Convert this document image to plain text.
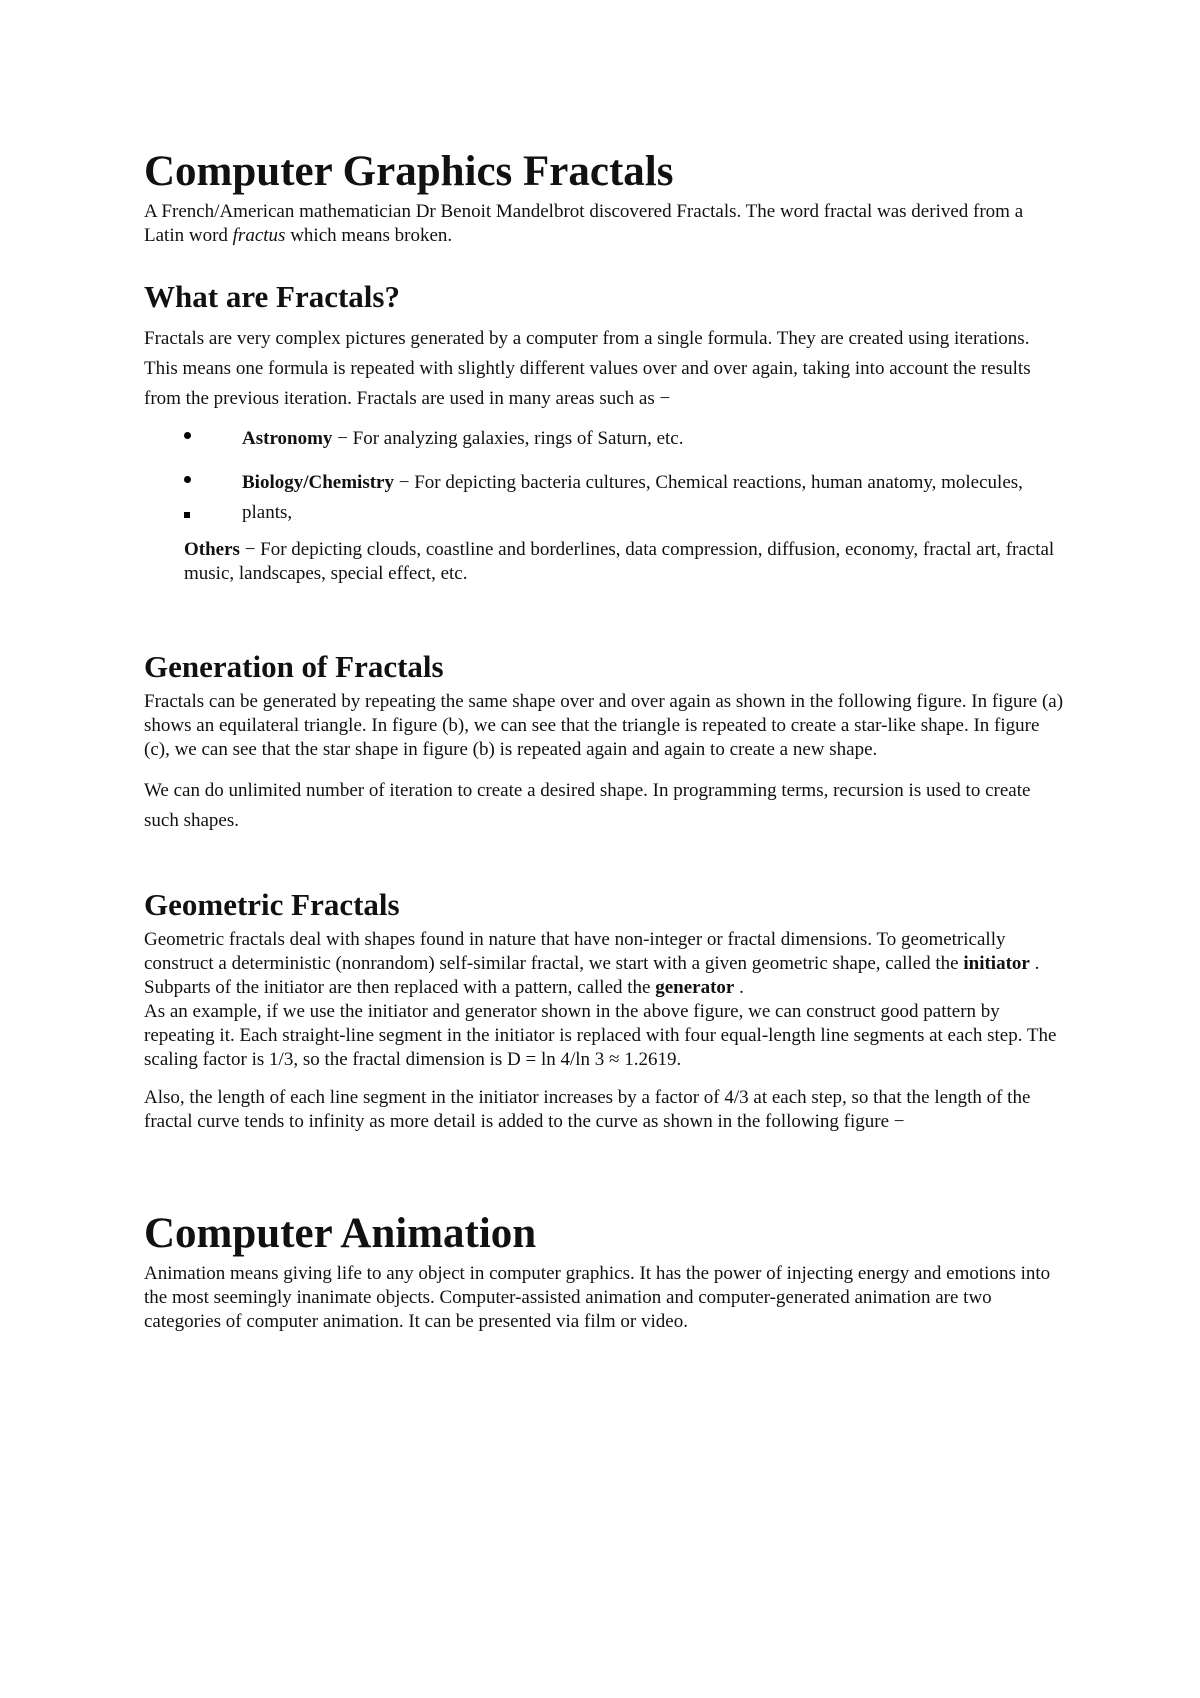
Computer Graphics Fractals

A French/American mathematician Dr Benoit Mandelbrot discovered Fractals. The word fractal was derived from a Latin word fractus which means broken.

What are Fractals?

Fractals are very complex pictures generated by a computer from a single formula. They are created using iterations. This means one formula is repeated with slightly different values over and over again, taking into account the results from the previous iteration. Fractals are used in many areas such as −

Astronomy − For analyzing galaxies, rings of Saturn, etc.
Biology/Chemistry − For depicting bacteria cultures, Chemical reactions, human anatomy, molecules, plants,

Others − For depicting clouds, coastline and borderlines, data compression, diffusion, economy, fractal art, fractal music, landscapes, special effect, etc.

Generation of Fractals

Fractals can be generated by repeating the same shape over and over again as shown in the following figure. In figure (a) shows an equilateral triangle. In figure (b), we can see that the triangle is repeated to create a star-like shape. In figure (c), we can see that the star shape in figure (b) is repeated again and again to create a new shape.

We can do unlimited number of iteration to create a desired shape. In programming terms, recursion is used to create such shapes.

Geometric Fractals

Geometric fractals deal with shapes found in nature that have non-integer or fractal dimensions. To geometrically construct a deterministic (nonrandom) self-similar fractal, we start with a given geometric shape, called the initiator . Subparts of the initiator are then replaced with a pattern, called the generator .

As an example, if we use the initiator and generator shown in the above figure, we can construct good pattern by repeating it. Each straight-line segment in the initiator is replaced with four equal-length line segments at each step. The scaling factor is 1/3, so the fractal dimension is D = ln 4/ln 3 ≈ 1.2619.

Also, the length of each line segment in the initiator increases by a factor of 4/3 at each step, so that the length of the fractal curve tends to infinity as more detail is added to the curve as shown in the following figure −

Computer Animation

Animation means giving life to any object in computer graphics. It has the power of injecting energy and emotions into the most seemingly inanimate objects. Computer-assisted animation and computer-generated animation are two categories of computer animation. It can be presented via film or video.
